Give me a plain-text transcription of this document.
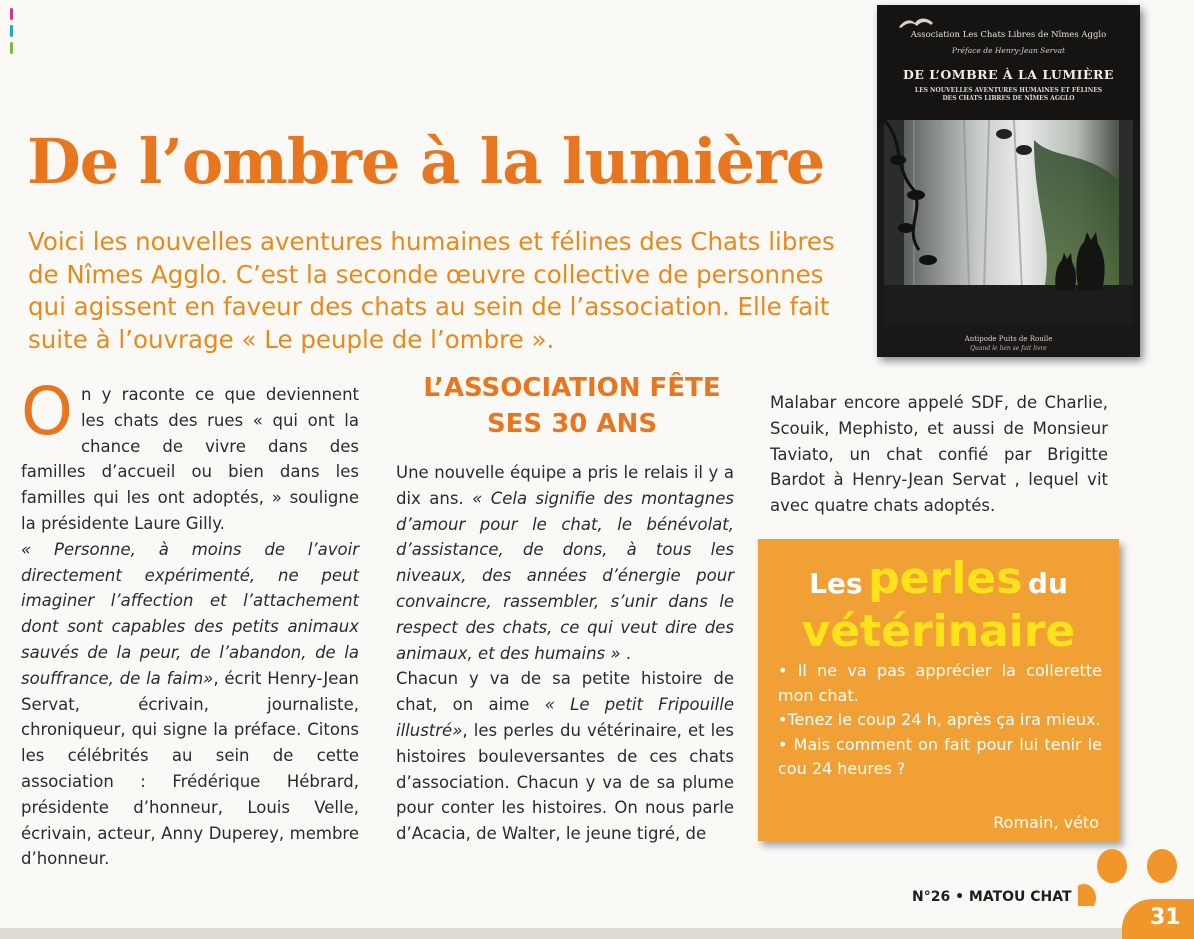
De l’ombre à la lumière

Voici les nouvelles aventures humaines et félines des Chats libres de Nîmes Agglo. C’est la seconde œuvre collective de personnes qui agissent en faveur des chats au sein de l’association. Elle fait suite à l’ouvrage « Le peuple de l’ombre ».

Association Les Chats Libres de Nîmes Agglo
Préface de Henry-Jean Servat
DE L’OMBRE À LA LUMIÈRE
LES NOUVELLES AVENTURES HUMAINES ET FÉLINES DES CHATS LIBRES DE NÎMES AGGLO
Antipode Puits de Roulle
Quand le lien se fait livre

On y raconte ce que deviennent les chats des rues « qui ont la chance de vivre dans des familles d’accueil ou bien dans les familles qui les ont adoptés, » souligne la présidente Laure Gilly.

« Personne, à moins de l’avoir directement expérimenté, ne peut imaginer l’affection et l’attachement dont sont capables des petits animaux sauvés de la peur, de l’abandon, de la souffrance, de la faim», écrit Henry-Jean Servat, écrivain, journaliste, chroniqueur, qui signe la préface. Citons les célébrités au sein de cette association : Frédérique Hébrard, présidente d’honneur, Louis Velle, écrivain, acteur, Anny Duperey, membre d’honneur.

L’ASSOCIATION FÊTE SES 30 ANS

Une nouvelle équipe a pris le relais il y a dix ans. « Cela signifie des montagnes d’amour pour le chat, le bénévolat, d’assistance, de dons, à tous les niveaux, des années d’énergie pour convaincre, rassembler, s’unir dans le respect des chats, ce qui veut dire des animaux, et des humains » .

Chacun y va de sa petite histoire de chat, on aime « Le petit Fripouille illustré», les perles du vétérinaire, et les histoires bouleversantes de ces chats d’association. Chacun y va de sa plume pour conter les histoires. On nous parle d’Acacia, de Walter, le jeune tigré, de

Malabar encore appelé SDF, de Charlie, Scouik, Mephisto, et aussi de Monsieur Taviato, un chat confié par Brigitte Bardot à Henry-Jean Servat , lequel vit avec quatre chats adoptés.

Les perles du
vétérinaire
• Il ne va pas apprécier la collerette mon chat.
•Tenez le coup 24 h, après ça ira mieux.
• Mais comment on fait pour lui tenir le cou 24 heures ?
Romain, véto
N°26 • MATOU CHAT
31
